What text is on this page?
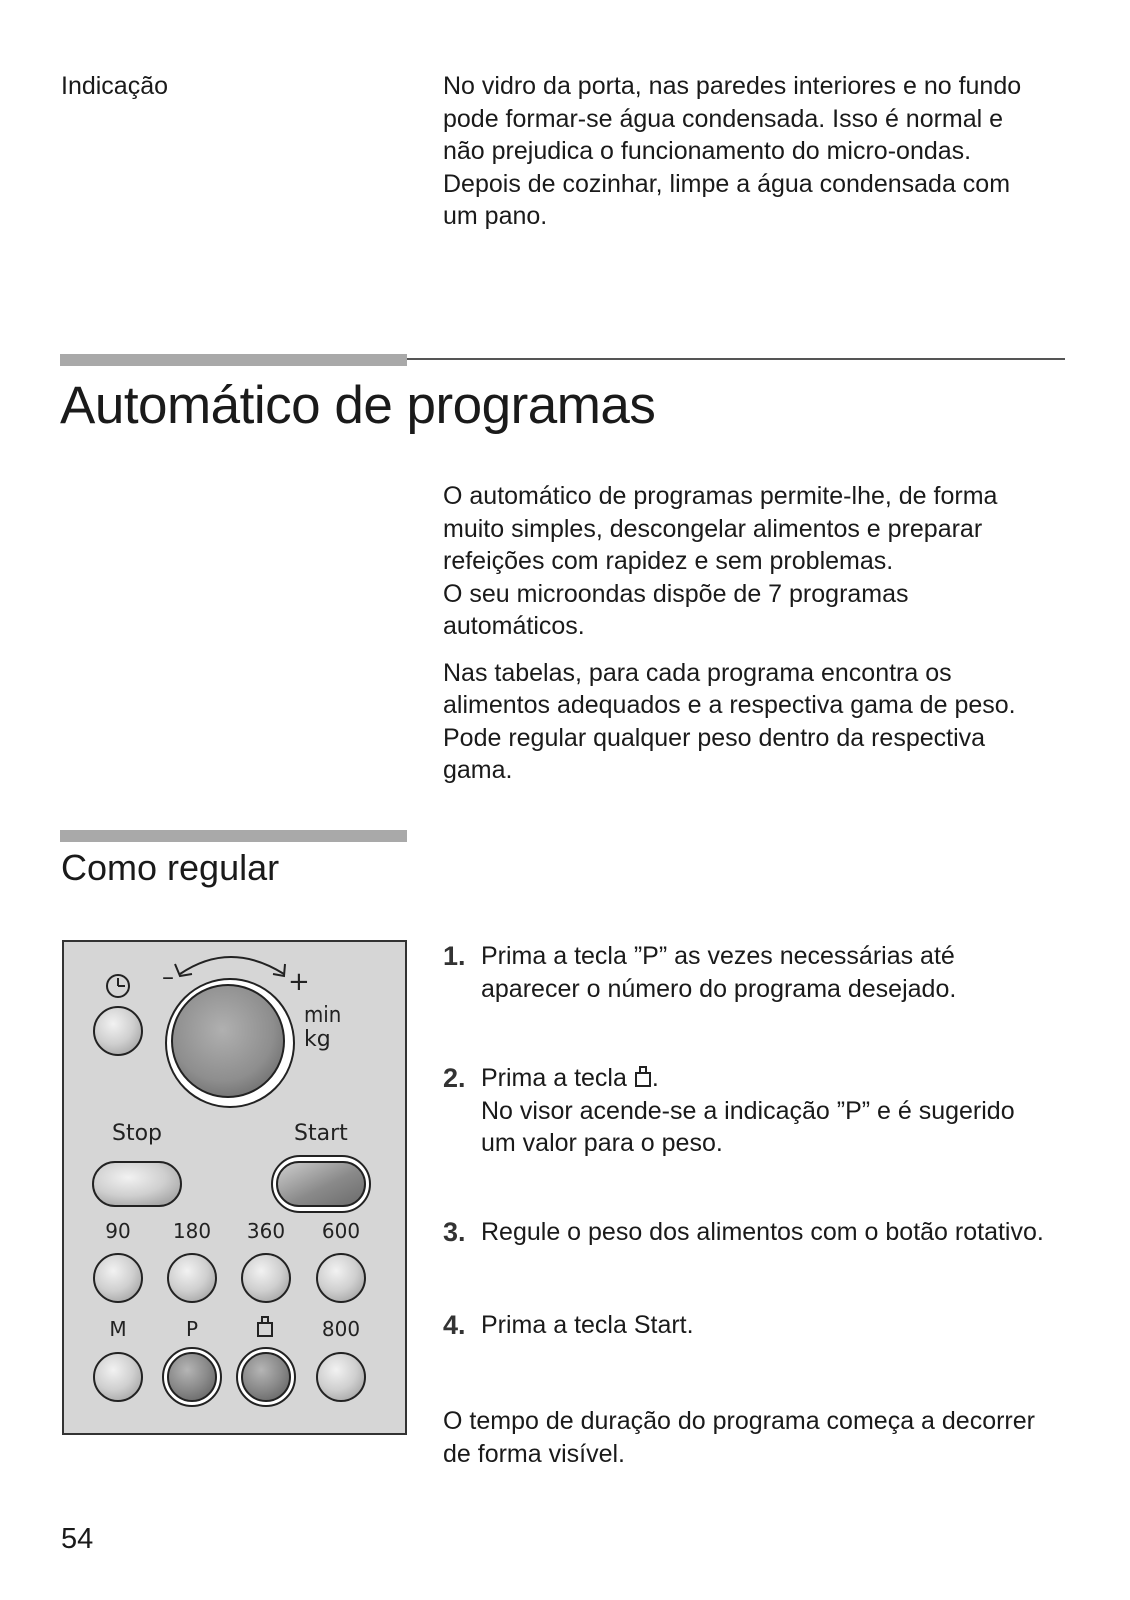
Indicação	No vidro da porta, nas paredes interiores e no fundo
pode formar-se água condensada. Isso é normal e
não prejudica o funcionamento do micro-ondas.
Depois de cozinhar, limpe a água condensada com
um pano.
Automático de programas

O automático de programas permite-lhe, de forma
muito simples, descongelar alimentos e preparar
refeições com rapidez e sem problemas.
O seu microondas dispõe de 7 programas
automáticos.

Nas tabelas, para cada programa encontra os
alimentos adequados e a respectiva gama de peso.
Pode regular qualquer peso dentro da respectiva
gama.

Como regular
–	+
min
kg
Stop	Start
90 180 360 600
M	P	800
1. Prima a tecla ”P” as vezes necessárias até
aparecer o número do programa desejado.
2. Prima a tecla .
No visor acende-se a indicação ”P” e é sugerido
um valor para o peso.
3. Regule o peso dos alimentos com o botão rotativo.
4. Prima a tecla Start.
O tempo de duração do programa começa a decorrer
de forma visível.
54
